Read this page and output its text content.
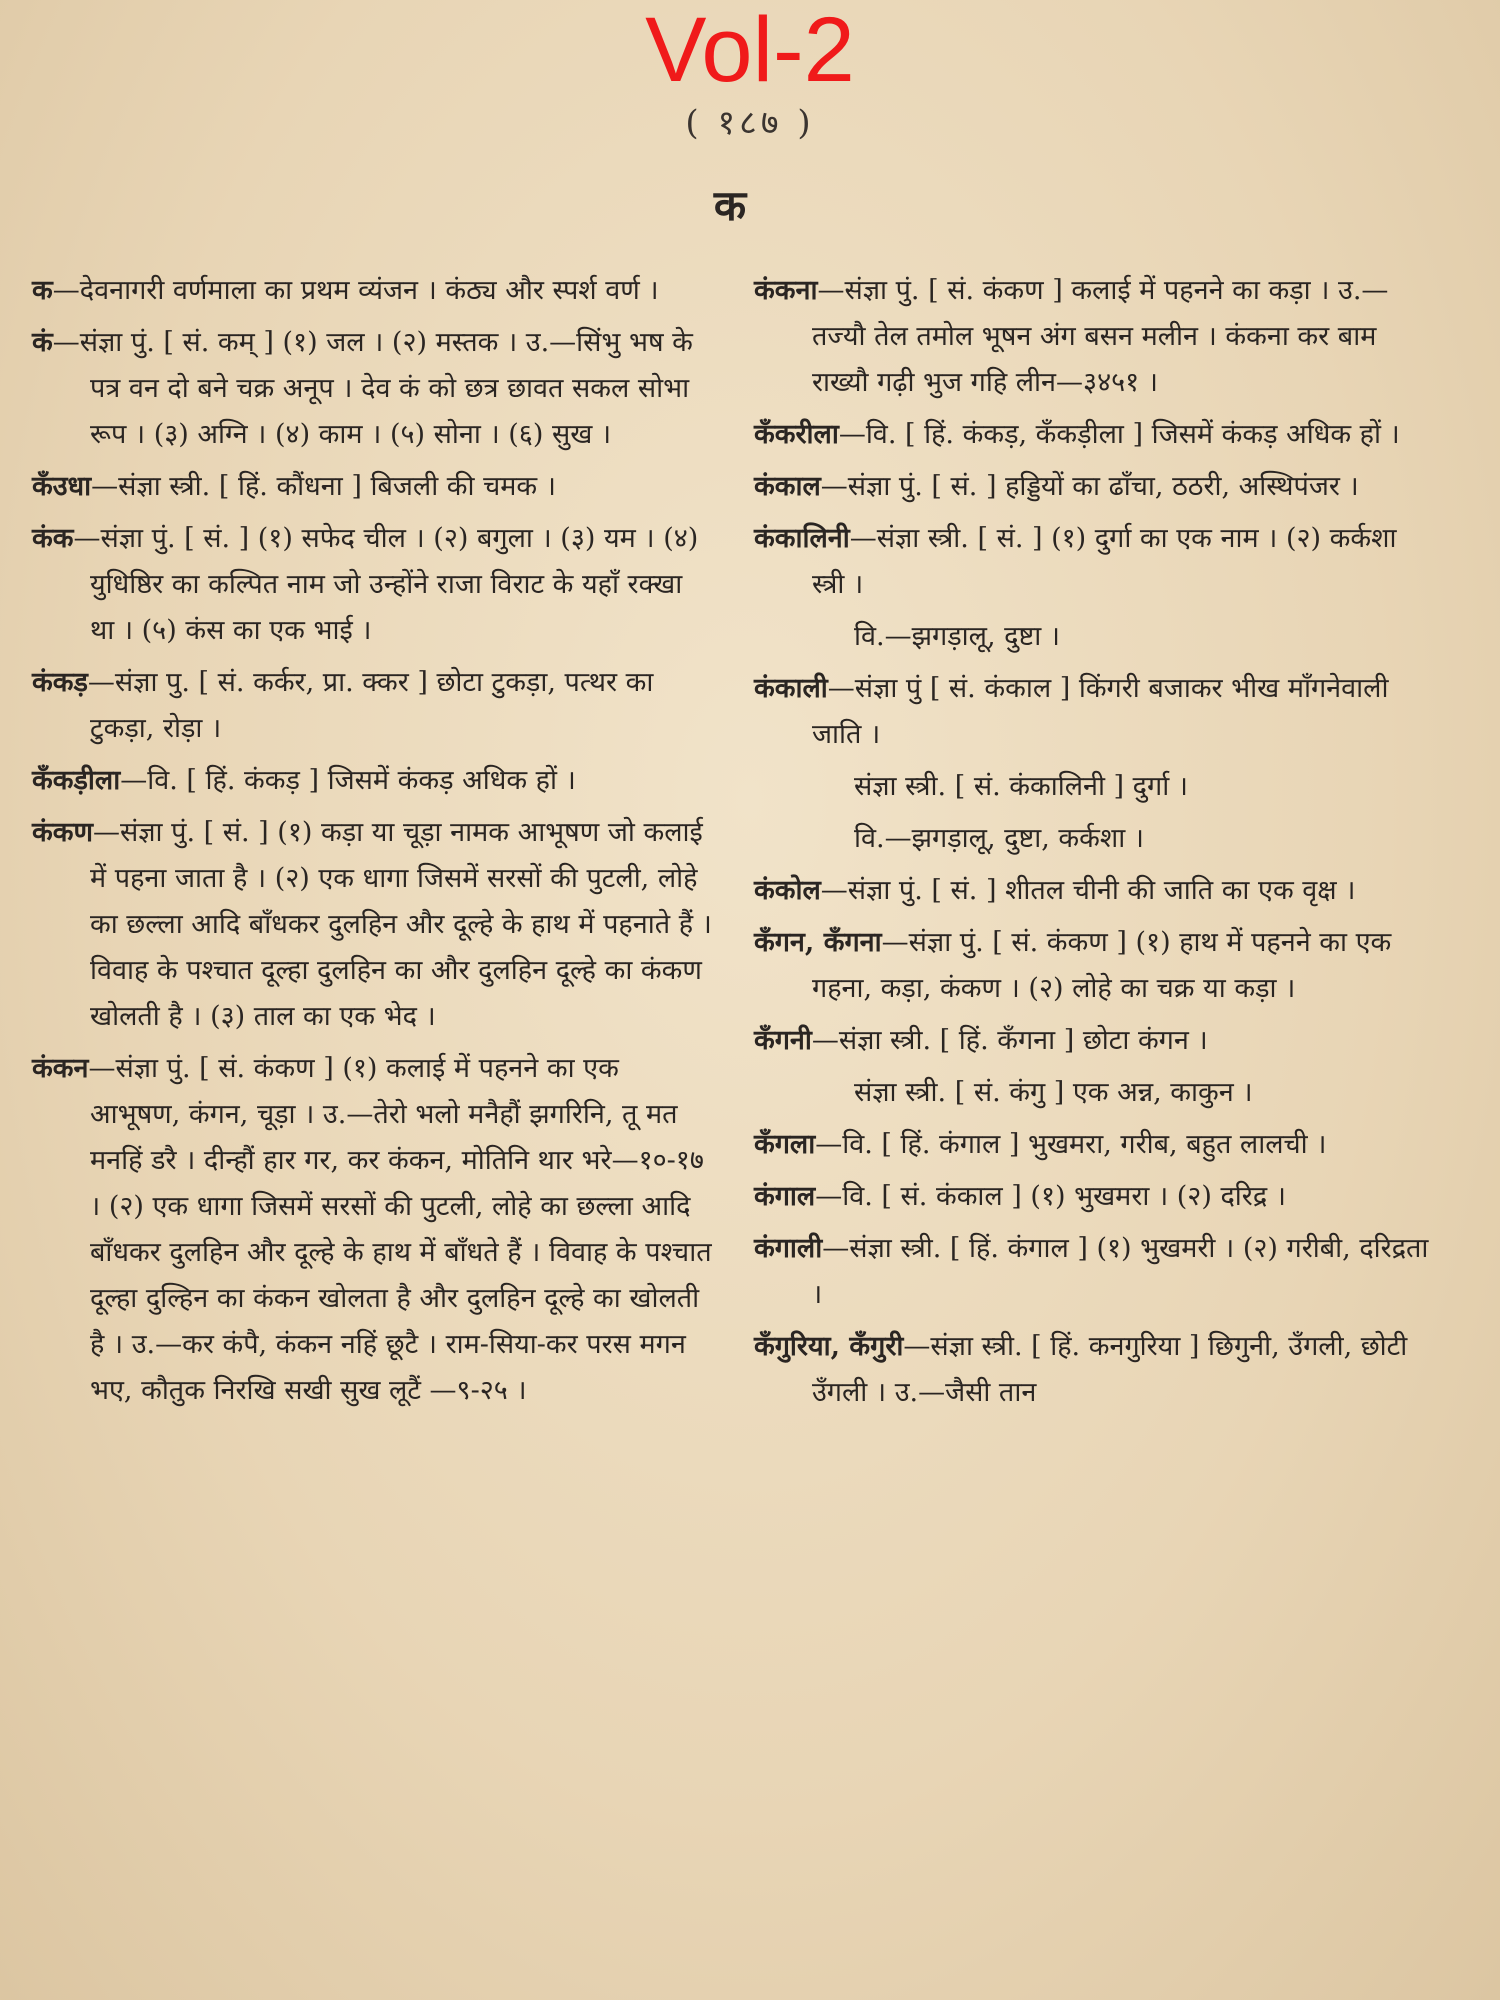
Vol-2
( १८७ )
क
क—देवनागरी वर्णमाला का प्रथम व्यंजन । कंठ्य और स्पर्श वर्ण ।
कं—संज्ञा पुं. [ सं. कम् ] (१) जल । (२) मस्तक । उ.—सिंभु भष के पत्र वन दो बने चक्र अनूप । देव कं को छत्र छावत सकल सोभा रूप । (३) अग्नि । (४) काम । (५) सोना । (६) सुख ।
कँउधा—संज्ञा स्त्री. [ हिं. कौंधना ] बिजली की चमक ।
कंक—संज्ञा पुं. [ सं. ] (१) सफेद चील । (२) बगुला । (३) यम । (४) युधिष्ठिर का कल्पित नाम जो उन्होंने राजा विराट के यहाँ रक्खा था । (५) कंस का एक भाई ।
कंकड़—संज्ञा पु. [ सं. कर्कर, प्रा. क्कर ] छोटा टुकड़ा, पत्थर का टुकड़ा, रोड़ा ।
कँकड़ीला—वि. [ हिं. कंकड़ ] जिसमें कंकड़ अधिक हों ।
कंकण—संज्ञा पुं. [ सं. ] (१) कड़ा या चूड़ा नामक आभूषण जो कलाई में पहना जाता है । (२) एक धागा जिसमें सरसों की पुटली, लोहे का छल्ला आदि बाँधकर दुलहिन और दूल्हे के हाथ में पहनाते हैं । विवाह के पश्चात दूल्हा दुलहिन का और दुलहिन दूल्हे का कंकण खोलती है । (३) ताल का एक भेद ।
कंकन—संज्ञा पुं. [ सं. कंकण ] (१) कलाई में पहनने का एक आभूषण, कंगन, चूड़ा । उ.—तेरो भलो मनैहौं झगरिनि, तू मत मनहिं डरै । दीन्हौं हार गर, कर कंकन, मोतिनि थार भरे—१०-१७ । (२) एक धागा जिसमें सरसों की पुटली, लोहे का छल्ला आदि बाँधकर दुलहिन और दूल्हे के हाथ में बाँधते हैं । विवाह के पश्चात दूल्हा दुल्हिन का कंकन खोलता है और दुलहिन दूल्हे का खोलती है । उ.—कर कंपै, कंकन नहिं छूटै । राम-सिया-कर परस मगन भए, कौतुक निरखि सखी सुख लूटैं —९-२५ ।
कंकना—संज्ञा पुं. [ सं. कंकण ] कलाई में पहनने का कड़ा । उ.—तज्यौ तेल तमोल भूषन अंग बसन मलीन । कंकना कर बाम राख्यौ गढ़ी भुज गहि लीन—३४५१ ।
कँकरीला—वि. [ हिं. कंकड़, कँकड़ीला ] जिसमें कंकड़ अधिक हों ।
कंकाल—संज्ञा पुं. [ सं. ] हड्डियों का ढाँचा, ठठरी, अस्थिपंजर ।
कंकालिनी—संज्ञा स्त्री. [ सं. ] (१) दुर्गा का एक नाम । (२) कर्कशा स्त्री ।
वि.—झगड़ालू, दुष्टा ।
कंकाली—संज्ञा पुं [ सं. कंकाल ] किंगरी बजाकर भीख माँगनेवाली जाति ।
संज्ञा स्त्री. [ सं. कंकालिनी ] दुर्गा ।
वि.—झगड़ालू, दुष्टा, कर्कशा ।
कंकोल—संज्ञा पुं. [ सं. ] शीतल चीनी की जाति का एक वृक्ष ।
कँगन, कँगना—संज्ञा पुं. [ सं. कंकण ] (१) हाथ में पहनने का एक गहना, कड़ा, कंकण । (२) लोहे का चक्र या कड़ा ।
कँगनी—संज्ञा स्त्री. [ हिं. कँगना ] छोटा कंगन ।
संज्ञा स्त्री. [ सं. कंगु ] एक अन्न, काकुन ।
कँगला—वि. [ हिं. कंगाल ] भुखमरा, गरीब, बहुत लालची ।
कंगाल—वि. [ सं. कंकाल ] (१) भुखमरा । (२) दरिद्र ।
कंगाली—संज्ञा स्त्री. [ हिं. कंगाल ] (१) भुखमरी । (२) गरीबी, दरिद्रता ।
कँगुरिया, कँगुरी—संज्ञा स्त्री. [ हिं. कनगुरिया ] छिगुनी, उँगली, छोटी उँगली । उ.—जैसी तान
